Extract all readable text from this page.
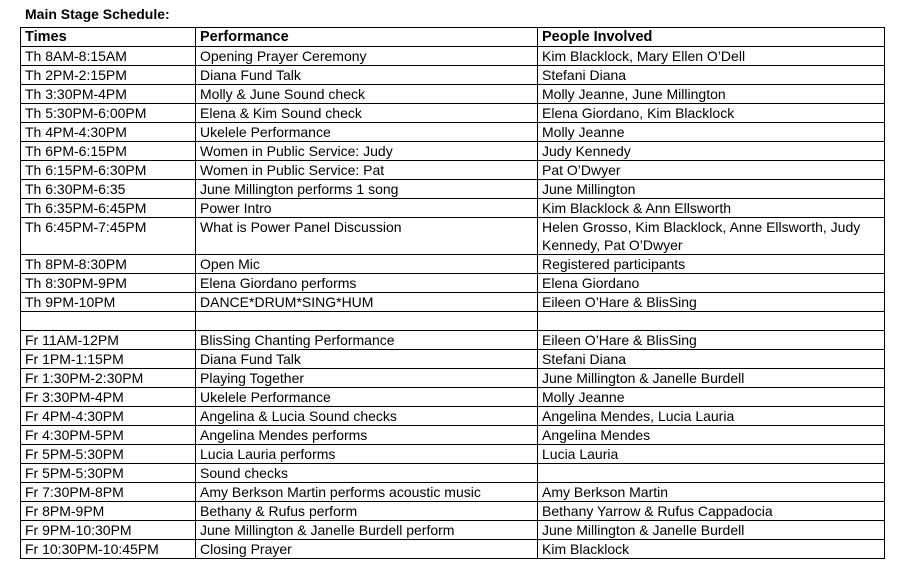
Main Stage Schedule:
Times	Performance	People Involved
Th 8AM-8:15AM	Opening Prayer Ceremony	Kim Blacklock, Mary Ellen O’Dell
Th 2PM-2:15PM	Diana Fund Talk	Stefani Diana
Th 3:30PM-4PM	Molly & June Sound check	Molly Jeanne, June Millington
Th 5:30PM-6:00PM	Elena & Kim Sound check	Elena Giordano, Kim Blacklock
Th 4PM-4:30PM	Ukelele Performance	Molly Jeanne
Th 6PM-6:15PM	Women in Public Service: Judy	Judy Kennedy
Th 6:15PM-6:30PM	Women in Public Service: Pat	Pat O’Dwyer
Th 6:30PM-6:35	June Millington performs 1 song	June Millington
Th 6:35PM-6:45PM	Power Intro	Kim Blacklock & Ann Ellsworth
Th 6:45PM-7:45PM	What is Power Panel Discussion	Helen Grosso, Kim Blacklock, Anne Ellsworth, Judy Kennedy, Pat O’Dwyer
Th 8PM-8:30PM	Open Mic	Registered participants
Th 8:30PM-9PM	Elena Giordano performs	Elena Giordano
Th 9PM-10PM	DANCE*DRUM*SING*HUM	Eileen O’Hare & BlisSing

Fr 11AM-12PM	BlisSing Chanting Performance	Eileen O’Hare & BlisSing
Fr 1PM-1:15PM	Diana Fund Talk	Stefani Diana
Fr 1:30PM-2:30PM	Playing Together	June Millington & Janelle Burdell
Fr 3:30PM-4PM	Ukelele Performance	Molly Jeanne
Fr 4PM-4:30PM	Angelina & Lucia Sound checks	Angelina Mendes, Lucia Lauria
Fr 4:30PM-5PM	Angelina Mendes performs	Angelina Mendes
Fr 5PM-5:30PM	Lucia Lauria performs	Lucia Lauria
Fr 5PM-5:30PM	Sound checks	
Fr 7:30PM-8PM	Amy Berkson Martin performs acoustic music	Amy Berkson Martin
Fr 8PM-9PM	Bethany & Rufus perform	Bethany Yarrow & Rufus Cappadocia
Fr 9PM-10:30PM	June Millington & Janelle Burdell perform	June Millington & Janelle Burdell
Fr 10:30PM-10:45PM	Closing Prayer	Kim Blacklock
